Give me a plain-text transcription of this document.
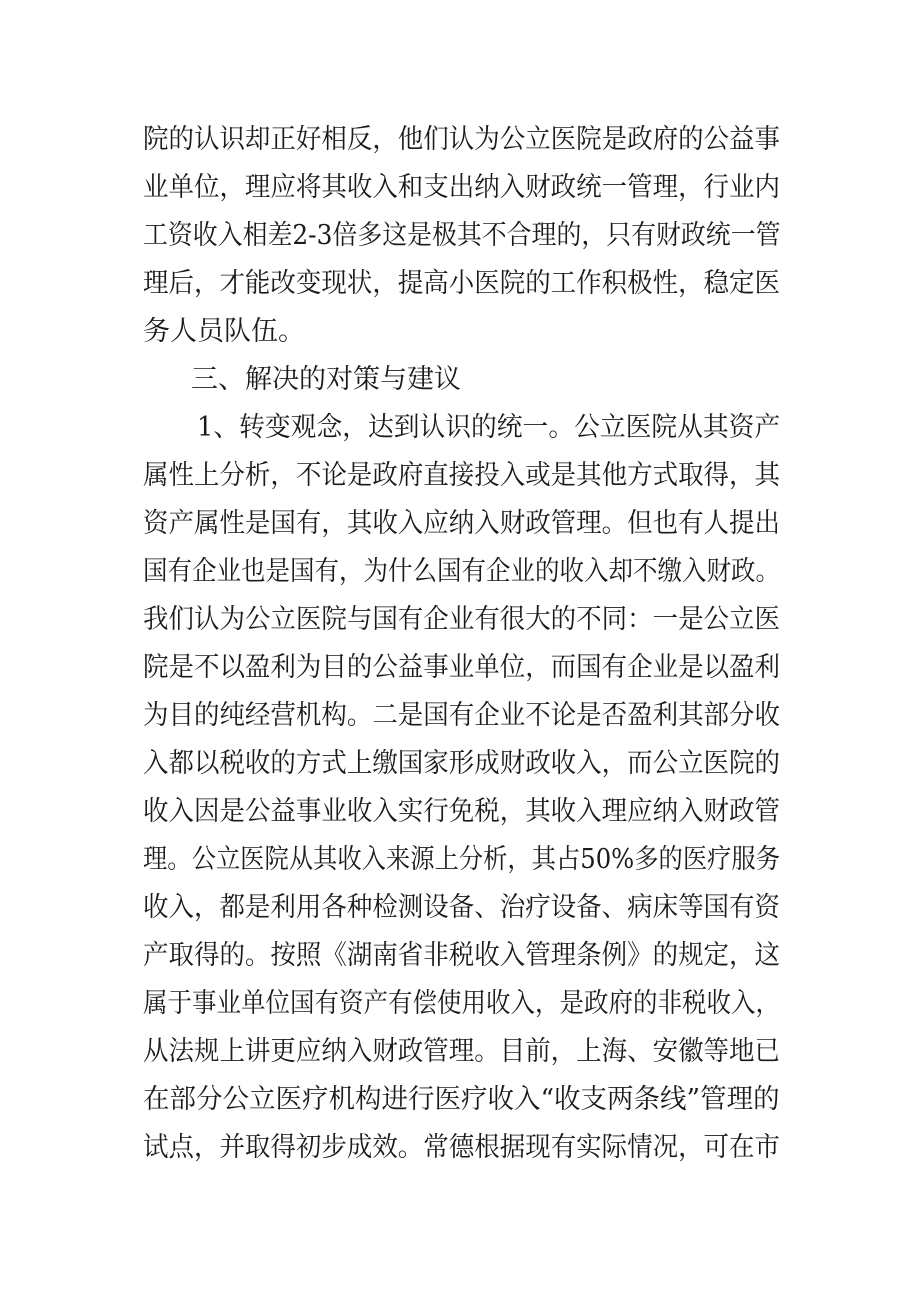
院的认识却正好相反，他们认为公立医院是政府的公益事
业单位，理应将其收入和支出纳入财政统一管理，行业内
工资收入相差2-3倍多这是极其不合理的，只有财政统一管
理后，才能改变现状，提高小医院的工作积极性，稳定医
务人员队伍。
三、解决的对策与建议
1、转变观念，达到认识的统一。公立医院从其资产
属性上分析，不论是政府直接投入或是其他方式取得，其
资产属性是国有，其收入应纳入财政管理。但也有人提出
国有企业也是国有，为什么国有企业的收入却不缴入财政。
我们认为公立医院与国有企业有很大的不同：一是公立医
院是不以盈利为目的公益事业单位，而国有企业是以盈利
为目的纯经营机构。二是国有企业不论是否盈利其部分收
入都以税收的方式上缴国家形成财政收入，而公立医院的
收入因是公益事业收入实行免税，其收入理应纳入财政管
理。公立医院从其收入来源上分析，其占50%多的医疗服务
收入，都是利用各种检测设备、治疗设备、病床等国有资
产取得的。按照《湖南省非税收入管理条例》的规定，这
属于事业单位国有资产有偿使用收入，是政府的非税收入，
从法规上讲更应纳入财政管理。目前，上海、安徽等地已
在部分公立医疗机构进行医疗收入“收支两条线”管理的
试点，并取得初步成效。常德根据现有实际情况，可在市
